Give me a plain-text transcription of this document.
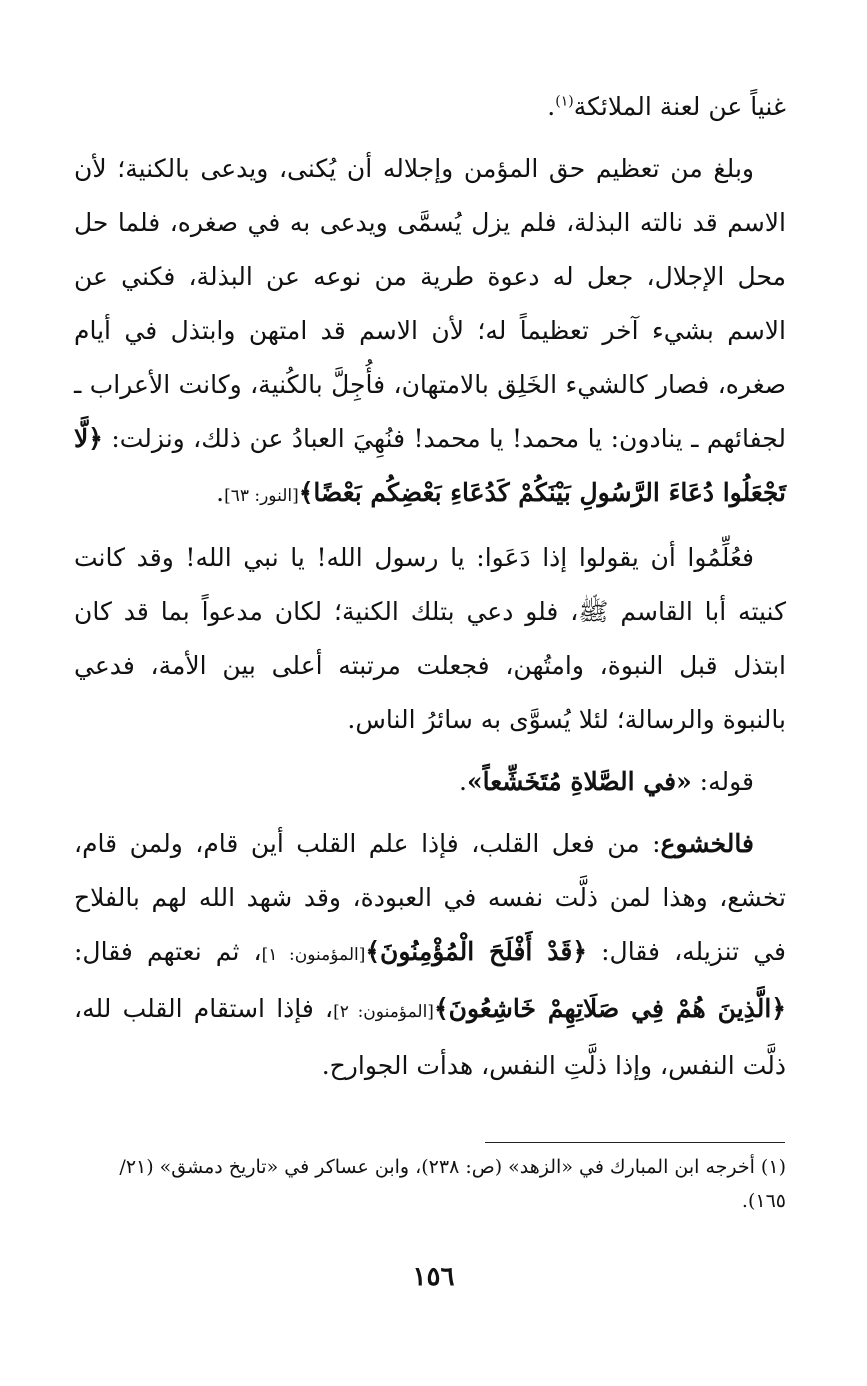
غنياً عن لعنة الملائكة$^{(١)}$.

وبلغ من تعظيم حق المؤمن وإجلاله أن يُكنى، ويدعى بالكنية؛ لأن الاسم قد نالته البذلة، فلم يزل يُسمَّى ويدعى به في صغره، فلما حل محل الإجلال، جعل له دعوة طرية من نوعه عن البذلة، فكني عن الاسم بشيء آخر تعظيماً له؛ لأن الاسم قد امتهن وابتذل في أيام صغره، فصار كالشيء الخَلِق بالامتهان، فأُجِلَّ بالكُنية، وكانت الأعراب ـ لجفائهم ـ ينادون: يا محمد! يا محمد! فنُهِيَ العبادُ عن ذلك، ونزلت: ﴿لَّا تَجْعَلُوا دُعَاءَ الرَّسُولِ بَيْنَكُمْ كَدُعَاءِ بَعْضِكُم بَعْضًا﴾[النور: ٦٣].

فعُلِّمُوا أن يقولوا إذا دَعَوا: يا رسول الله! يا نبي الله! وقد كانت كنيته أبا القاسم ﷺ، فلو دعي بتلك الكنية؛ لكان مدعواً بما قد كان ابتذل قبل النبوة، وامتُهن، فجعلت مرتبته أعلى بين الأمة، فدعي بالنبوة والرسالة؛ لئلا يُسوَّى به سائرُ الناس.

قوله: «في الصَّلاةِ مُتَخَشِّعاً».

فالخشوع: من فعل القلب، فإذا علم القلب أين قام، ولمن قام، تخشع، وهذا لمن ذلَّت نفسه في العبودة، وقد شهد الله لهم بالفلاح في تنزيله، فقال: ﴿قَدْ أَفْلَحَ الْمُؤْمِنُونَ﴾[المؤمنون: ١]، ثم نعتهم فقال: ﴿الَّذِينَ هُمْ فِي صَلَاتِهِمْ خَاشِعُونَ﴾[المؤمنون: ٢]، فإذا استقام القلب لله، ذلَّت النفس، وإذا ذلَّتِ النفس، هدأت الجوارح.

(١) أخرجه ابن المبارك في «الزهد» (ص: ٢٣٨)، وابن عساكر في «تاريخ دمشق» (٢١/ ١٦٥).
١٥٦
